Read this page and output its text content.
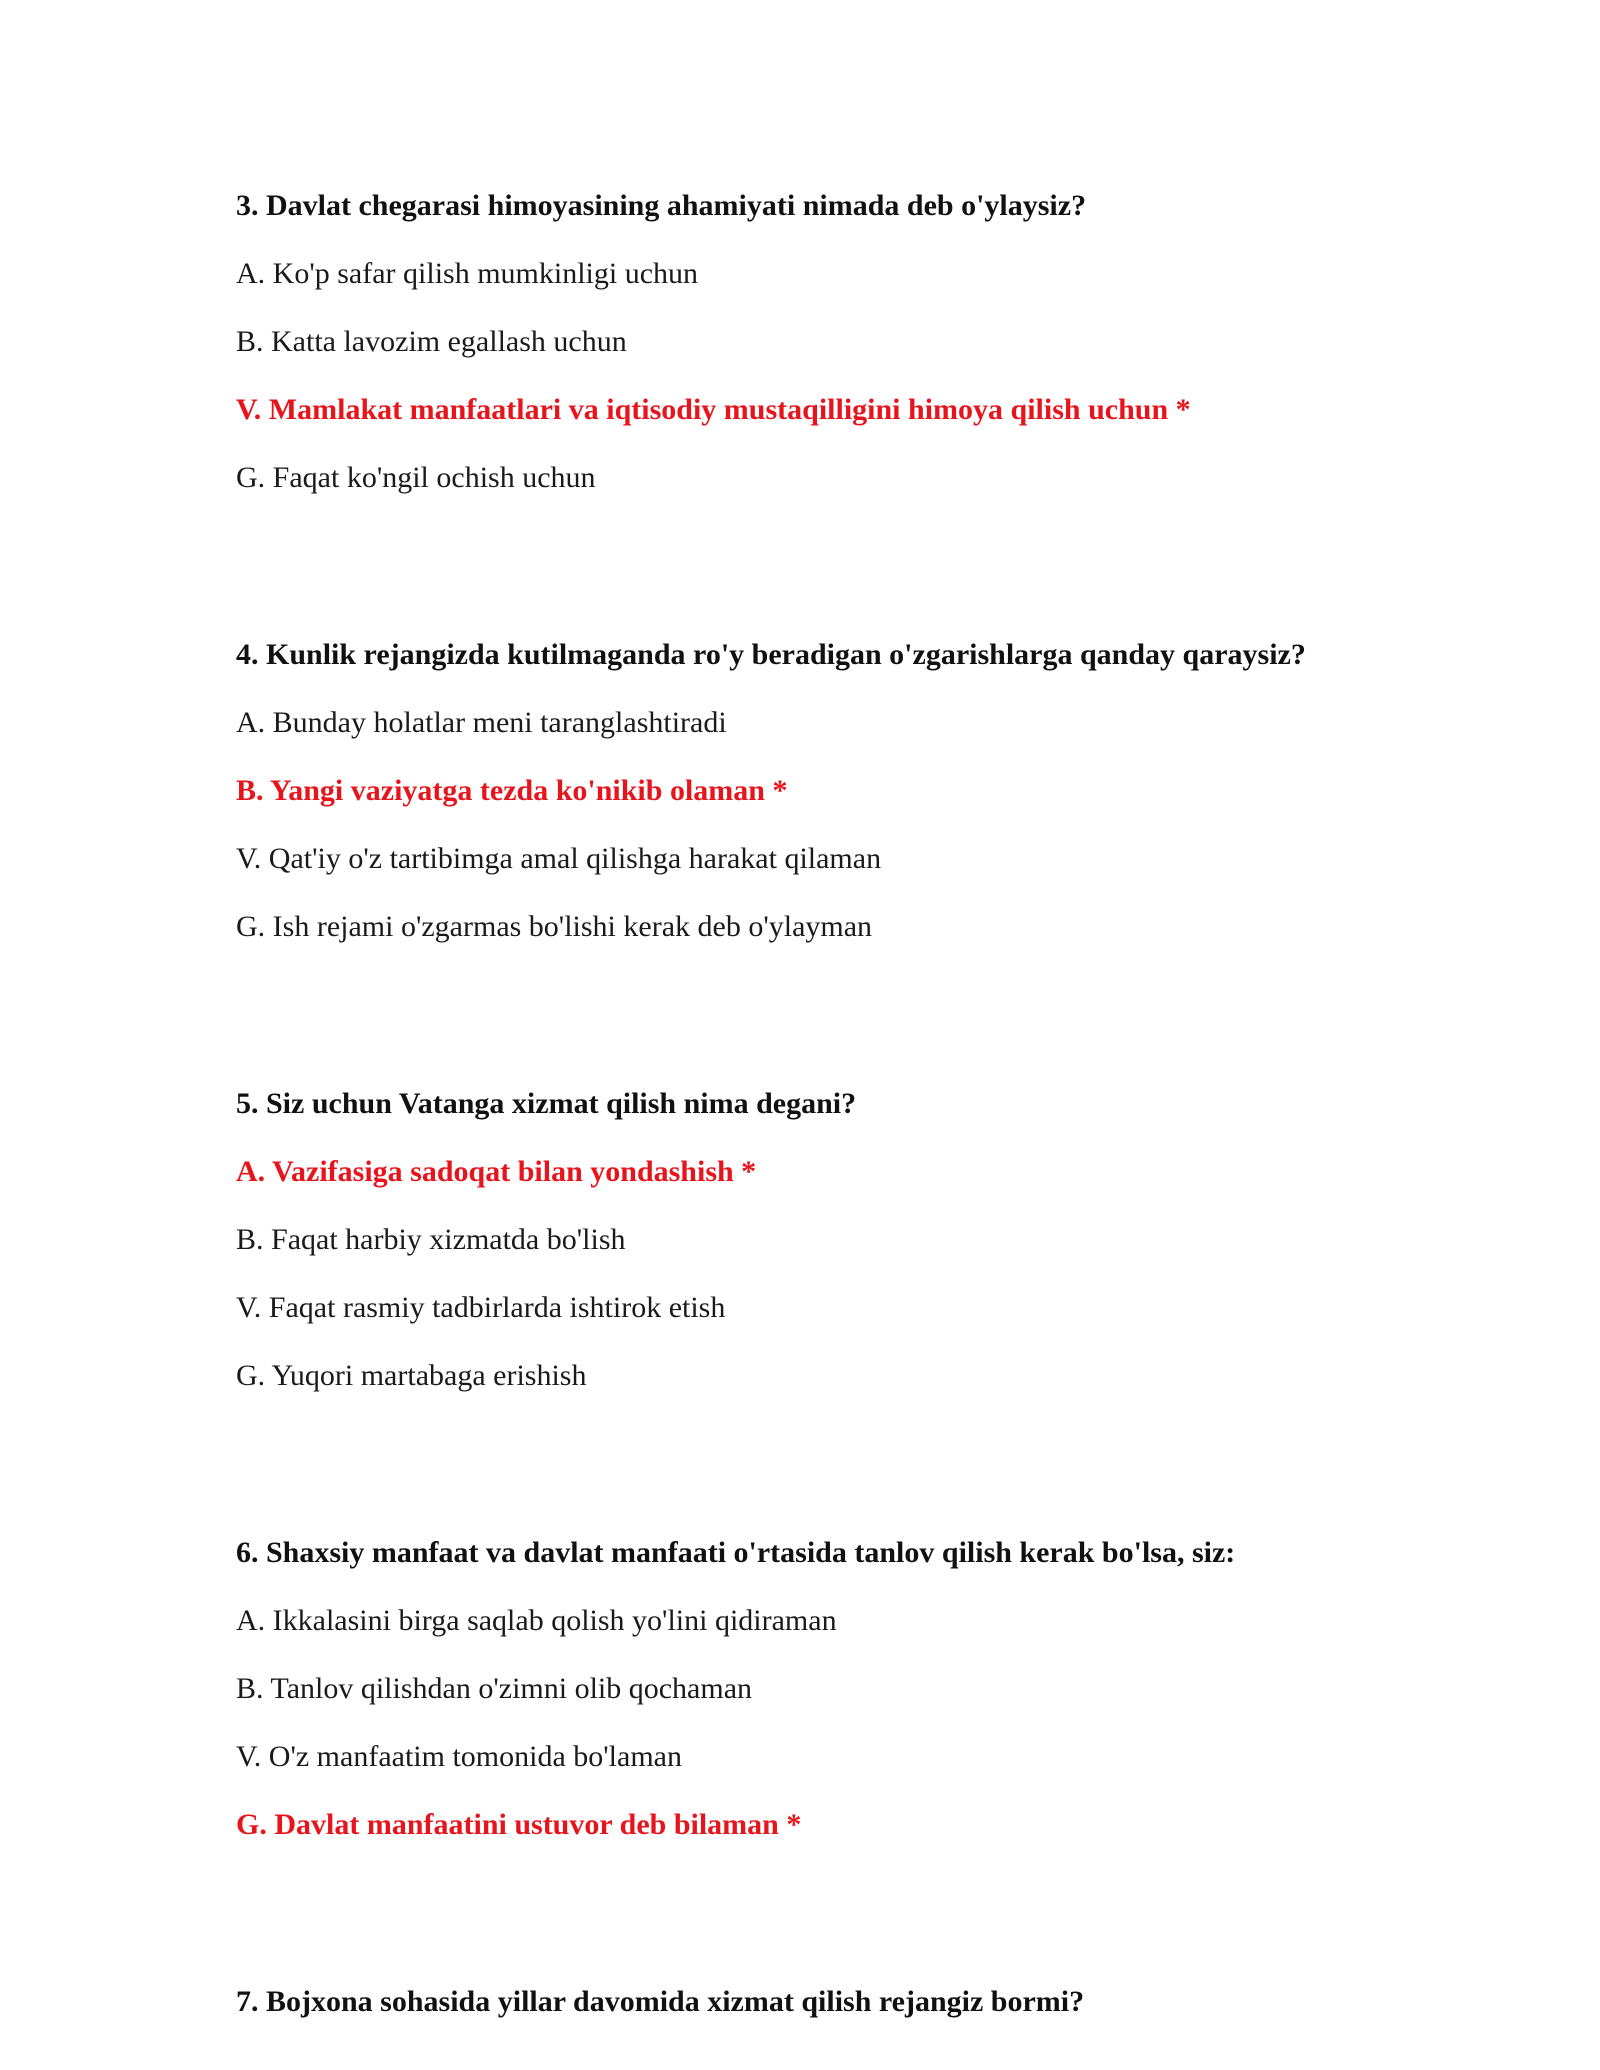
3. Davlat chegarasi himoyasining ahamiyati nimada deb o'ylaysiz?
A. Ko'p safar qilish mumkinligi uchun
B. Katta lavozim egallash uchun
V. Mamlakat manfaatlari va iqtisodiy mustaqilligini himoya qilish uchun *
G. Faqat ko'ngil ochish uchun
4. Kunlik rejangizda kutilmaganda ro'y beradigan o'zgarishlarga qanday qaraysiz?
A. Bunday holatlar meni taranglashtiradi
B. Yangi vaziyatga tezda ko'nikib olaman *
V. Qat'iy o'z tartibimga amal qilishga harakat qilaman
G. Ish rejami o'zgarmas bo'lishi kerak deb o'ylayman
5. Siz uchun Vatanga xizmat qilish nima degani?
A. Vazifasiga sadoqat bilan yondashish *
B. Faqat harbiy xizmatda bo'lish
V. Faqat rasmiy tadbirlarda ishtirok etish
G. Yuqori martabaga erishish
6. Shaxsiy manfaat va davlat manfaati o'rtasida tanlov qilish kerak bo'lsa, siz:
A. Ikkalasini birga saqlab qolish yo'lini qidiraman
B. Tanlov qilishdan o'zimni olib qochaman
V. O'z manfaatim tomonida bo'laman
G. Davlat manfaatini ustuvor deb bilaman *
7. Bojxona sohasida yillar davomida xizmat qilish rejangiz bormi?
